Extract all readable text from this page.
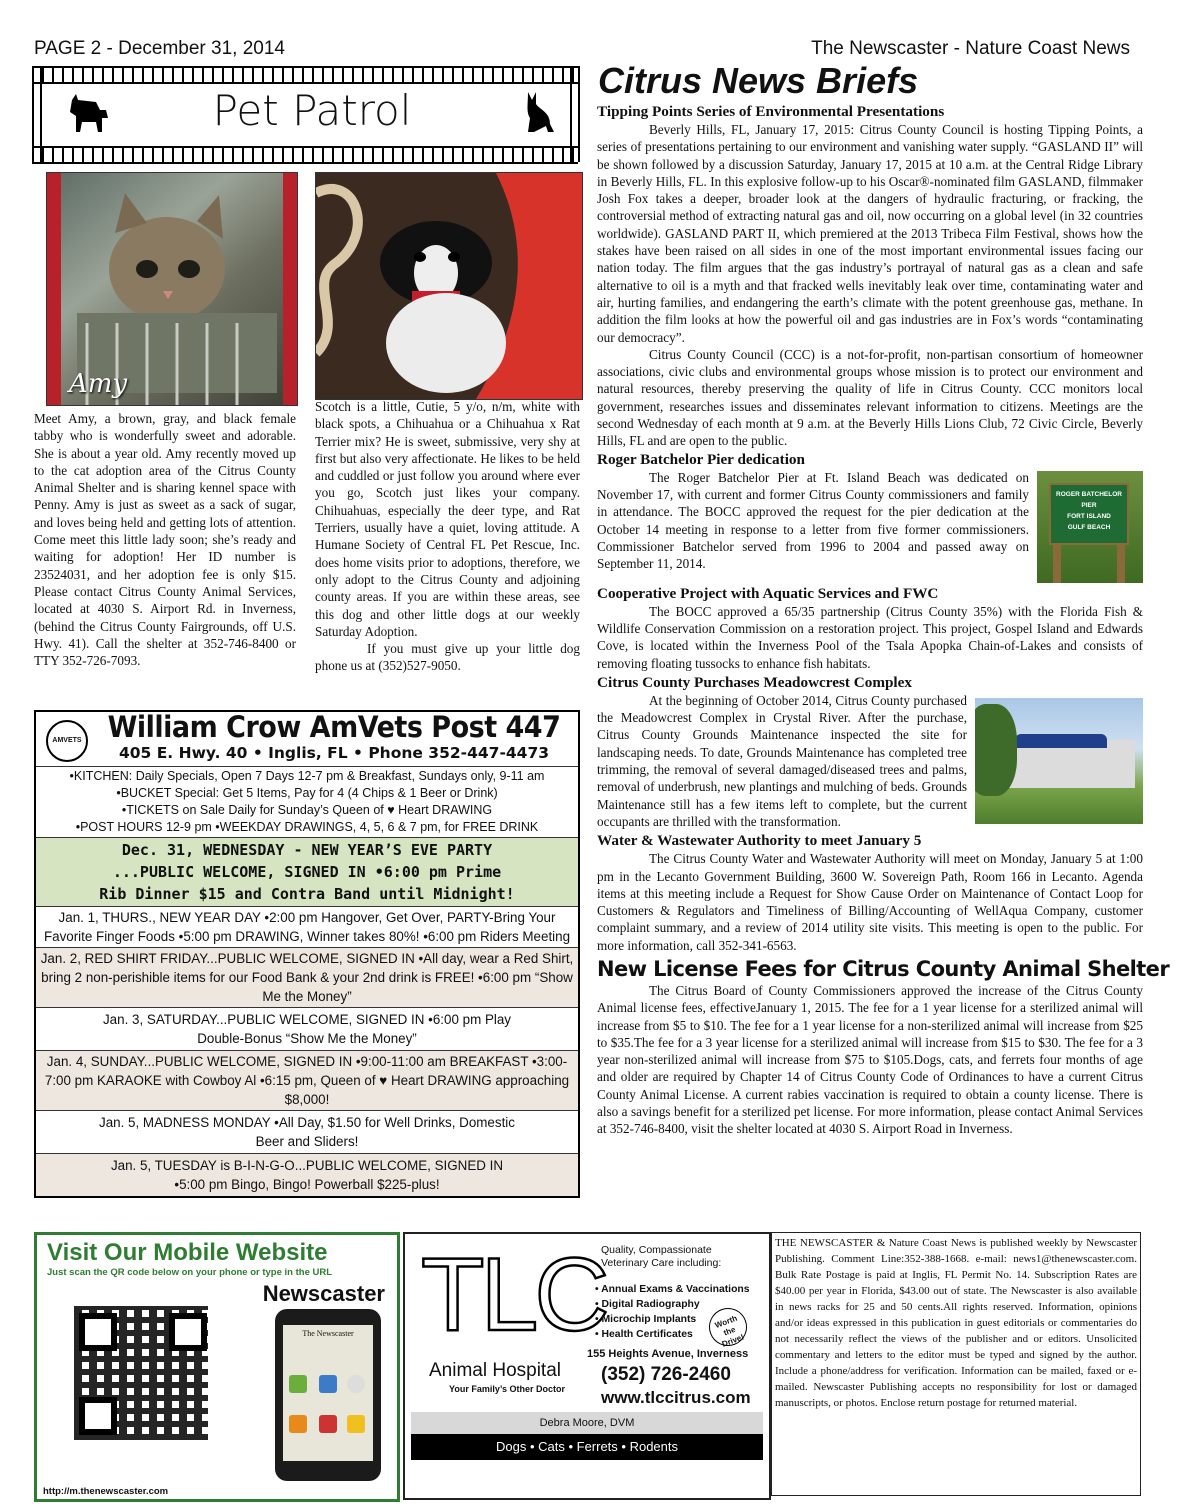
PAGE 2 - December 31, 2014	The Newscaster - Nature Coast News
Pet Patrol
Amy

Meet Amy, a brown, gray, and black female tabby who is wonderfully sweet and adorable. She is about a year old. Amy recently moved up to the cat adoption area of the Citrus County Animal Shelter and is sharing kennel space with Penny. Amy is just as sweet as a sack of sugar, and loves being held and getting lots of attention. Come meet this little lady soon; she’s ready and waiting for adoption! Her ID number is 23524031, and her adoption fee is only $15. Please contact Citrus County Animal Services, located at 4030 S. Airport Rd. in Inverness, (behind the Citrus County Fairgrounds, off U.S. Hwy. 41). Call the shelter at 352-746-8400 or TTY 352-726-7093.

Scotch is a little, Cutie, 5 y/o, n/m, white with black spots, a Chihuahua or a Chihuahua x Rat Terrier mix? He is sweet, submissive, very shy at first but also very affectionate. He likes to be held and cuddled or just follow you around where ever you go, Scotch just likes your company. Chihuahuas, especially the deer type, and Rat Terriers, usually have a quiet, loving attitude. A Humane Society of Central FL Pet Rescue, Inc. does home visits prior to adoptions, therefore, we only adopt to the Citrus County and adjoining county areas. If you are within these areas, see this dog and other little dogs at our weekly Saturday Adoption.

If you must give up your little dog phone us at (352)527-9050.

AMVETS William Crow AmVets Post 447
405 E. Hwy. 40 • Inglis, FL • Phone 352-447-4473
•KITCHEN: Daily Specials, Open 7 Days 12-7 pm & Breakfast, Sundays only, 9-11 am
•BUCKET Special: Get 5 Items, Pay for 4 (4 Chips & 1 Beer or Drink)
•TICKETS on Sale Daily for Sunday’s Queen of ♥ Heart DRAWING
•POST HOURS 12-9 pm •WEEKDAY DRAWINGS, 4, 5, 6 & 7 pm, for FREE DRINK
Dec. 31, WEDNESDAY - NEW YEAR’S EVE PARTY
...PUBLIC WELCOME, SIGNED IN •6:00 pm Prime
Rib Dinner $15 and Contra Band until Midnight!
Jan. 1, THURS., NEW YEAR DAY •2:00 pm Hangover, Get Over, PARTY-Bring Your Favorite Finger Foods •5:00 pm DRAWING, Winner takes 80%! •6:00 pm Riders Meeting
Jan. 2, RED SHIRT FRIDAY...PUBLIC WELCOME, SIGNED IN •All day, wear a Red Shirt, bring 2 non-perishible items for our Food Bank & your 2nd drink is FREE! •6:00 pm “Show Me the Money”
Jan. 3, SATURDAY...PUBLIC WELCOME, SIGNED IN •6:00 pm Play Double-Bonus “Show Me the Money”
Jan. 4, SUNDAY...PUBLIC WELCOME, SIGNED IN •9:00-11:00 am BREAKFAST •3:00-7:00 pm KARAOKE with Cowboy Al •6:15 pm, Queen of ♥ Heart DRAWING approaching $8,000!
Jan. 5, MADNESS MONDAY •All Day, $1.50 for Well Drinks, Domestic Beer and Sliders!
Jan. 5, TUESDAY is B-I-N-G-O...PUBLIC WELCOME, SIGNED IN •5:00 pm Bingo, Bingo! Powerball $225-plus!
Visit Our Mobile Website
Just scan the QR code below on your phone or type in the URL
Newscaster
The Newscaster
http://m.thenewscaster.com
TLC
Animal Hospital
Your Family’s Other Doctor
Quality, Compassionate Veterinary Care including:
• Annual Exams & Vaccinations
• Digital Radiography
• Microchip Implants
• Health Certificates
Worth the Drive!
155 Heights Avenue, Inverness
(352) 726-2460
www.tlccitrus.com
Debra Moore, DVM
Dogs • Cats • Ferrets • Rodents

THE NEWSCASTER & Nature Coast News is published weekly by Newscaster Publishing. Comment Line:352-388-1668. e-mail: news1@thenewscaster.com. Bulk Rate Postage is paid at Inglis, FL Permit No. 14. Subscription Rates are $40.00 per year in Florida, $43.00 out of state. The Newscaster is also available in news racks for 25 and 50 cents.All rights reserved. Information, opinions and/or ideas expressed in this publication in guest editorials or commentaries do not necessarily reflect the views of the publisher and or editors. Unsolicited commentary and letters to the editor must be typed and signed by the author. Include a phone/address for verification. Information can be mailed, faxed or e-mailed. Newscaster Publishing accepts no responsibility for lost or damaged manuscripts, or photos. Enclose return postage for returned material.

Citrus News Briefs
Tipping Points Series of Environmental Presentations

Beverly Hills, FL, January 17, 2015: Citrus County Council is hosting Tipping Points, a series of presentations pertaining to our environment and vanishing water supply. “GASLAND II” will be shown followed by a discussion Saturday, January 17, 2015 at 10 a.m. at the Central Ridge Library in Beverly Hills, FL. In this explosive follow-up to his Oscar®-nominated film GASLAND, filmmaker Josh Fox takes a deeper, broader look at the dangers of hydraulic fracturing, or fracking, the controversial method of extracting natural gas and oil, now occurring on a global level (in 32 countries worldwide). GASLAND PART II, which premiered at the 2013 Tribeca Film Festival, shows how the stakes have been raised on all sides in one of the most important environmental issues facing our nation today. The film argues that the gas industry’s portrayal of natural gas as a clean and safe alternative to oil is a myth and that fracked wells inevitably leak over time, contaminating water and air, hurting families, and endangering the earth’s climate with the potent greenhouse gas, methane. In addition the film looks at how the powerful oil and gas industries are in Fox’s words “contaminating our democracy”.

Citrus County Council (CCC) is a not-for-profit, non-partisan consortium of homeowner associations, civic clubs and environmental groups whose mission is to protect our environment and natural resources, thereby preserving the quality of life in Citrus County. CCC monitors local government, researches issues and disseminates relevant information to citizens. Meetings are the second Wednesday of each month at 9 a.m. at the Beverly Hills Lions Club, 72 Civic Circle, Beverly Hills, FL and are open to the public.

Roger Batchelor Pier dedication
ROGER BATCHELOR
PIER
FORT ISLAND
GULF BEACH

The Roger Batchelor Pier at Ft. Island Beach was dedicated on November 17, with current and former Citrus County commissioners and family in attendance. The BOCC approved the request for the pier dedication at the October 14 meeting in response to a letter from five former commissioners. Commissioner Batchelor served from 1996 to 2004 and passed away on September 11, 2014.

Cooperative Project with Aquatic Services and FWC

The BOCC approved a 65/35 partnership (Citrus County 35%) with the Florida Fish & Wildlife Conservation Commission on a restoration project. This project, Gospel Island and Edwards Cove, is located within the Inverness Pool of the Tsala Apopka Chain-of-Lakes and consists of removing floating tussocks to enhance fish habitats.

Citrus County Purchases Meadowcrest Complex

At the beginning of October 2014, Citrus County purchased the Meadowcrest Complex in Crystal River. After the purchase, Citrus County Grounds Maintenance inspected the site for landscaping needs. To date, Grounds Maintenance has completed tree trimming, the removal of several damaged/diseased trees and palms, removal of underbrush, new plantings and mulching of beds. Grounds Maintenance still has a few items left to complete, but the current occupants are thrilled with the transformation.

Water & Wastewater Authority to meet January 5

The Citrus County Water and Wastewater Authority will meet on Monday, January 5 at 1:00 pm in the Lecanto Government Building, 3600 W. Sovereign Path, Room 166 in Lecanto. Agenda items at this meeting include a Request for Show Cause Order on Maintenance of Contact Loop for Customers & Regulators and Timeliness of Billing/Accounting of WellAqua Company, customer complaint summary, and a review of 2014 utility site visits. This meeting is open to the public. For more information, call 352-341-6563.

New License Fees for Citrus County Animal Shelter

The Citrus Board of County Commissioners approved the increase of the Citrus County Animal license fees, effectiveJanuary 1, 2015. The fee for a 1 year license for a sterilized animal will increase from $5 to $10. The fee for a 1 year license for a non-sterilized animal will increase from $25 to $35.The fee for a 3 year license for a sterilized animal will increase from $15 to $30. The fee for a 3 year non-sterilized animal will increase from $75 to $105.Dogs, cats, and ferrets four months of age and older are required by Chapter 14 of Citrus County Code of Ordinances to have a current Citrus County Animal License. A current rabies vaccination is required to obtain a county license. There is also a savings benefit for a sterilized pet license. For more information, please contact Animal Services at 352-746-8400, visit the shelter located at 4030 S. Airport Road in Inverness.
